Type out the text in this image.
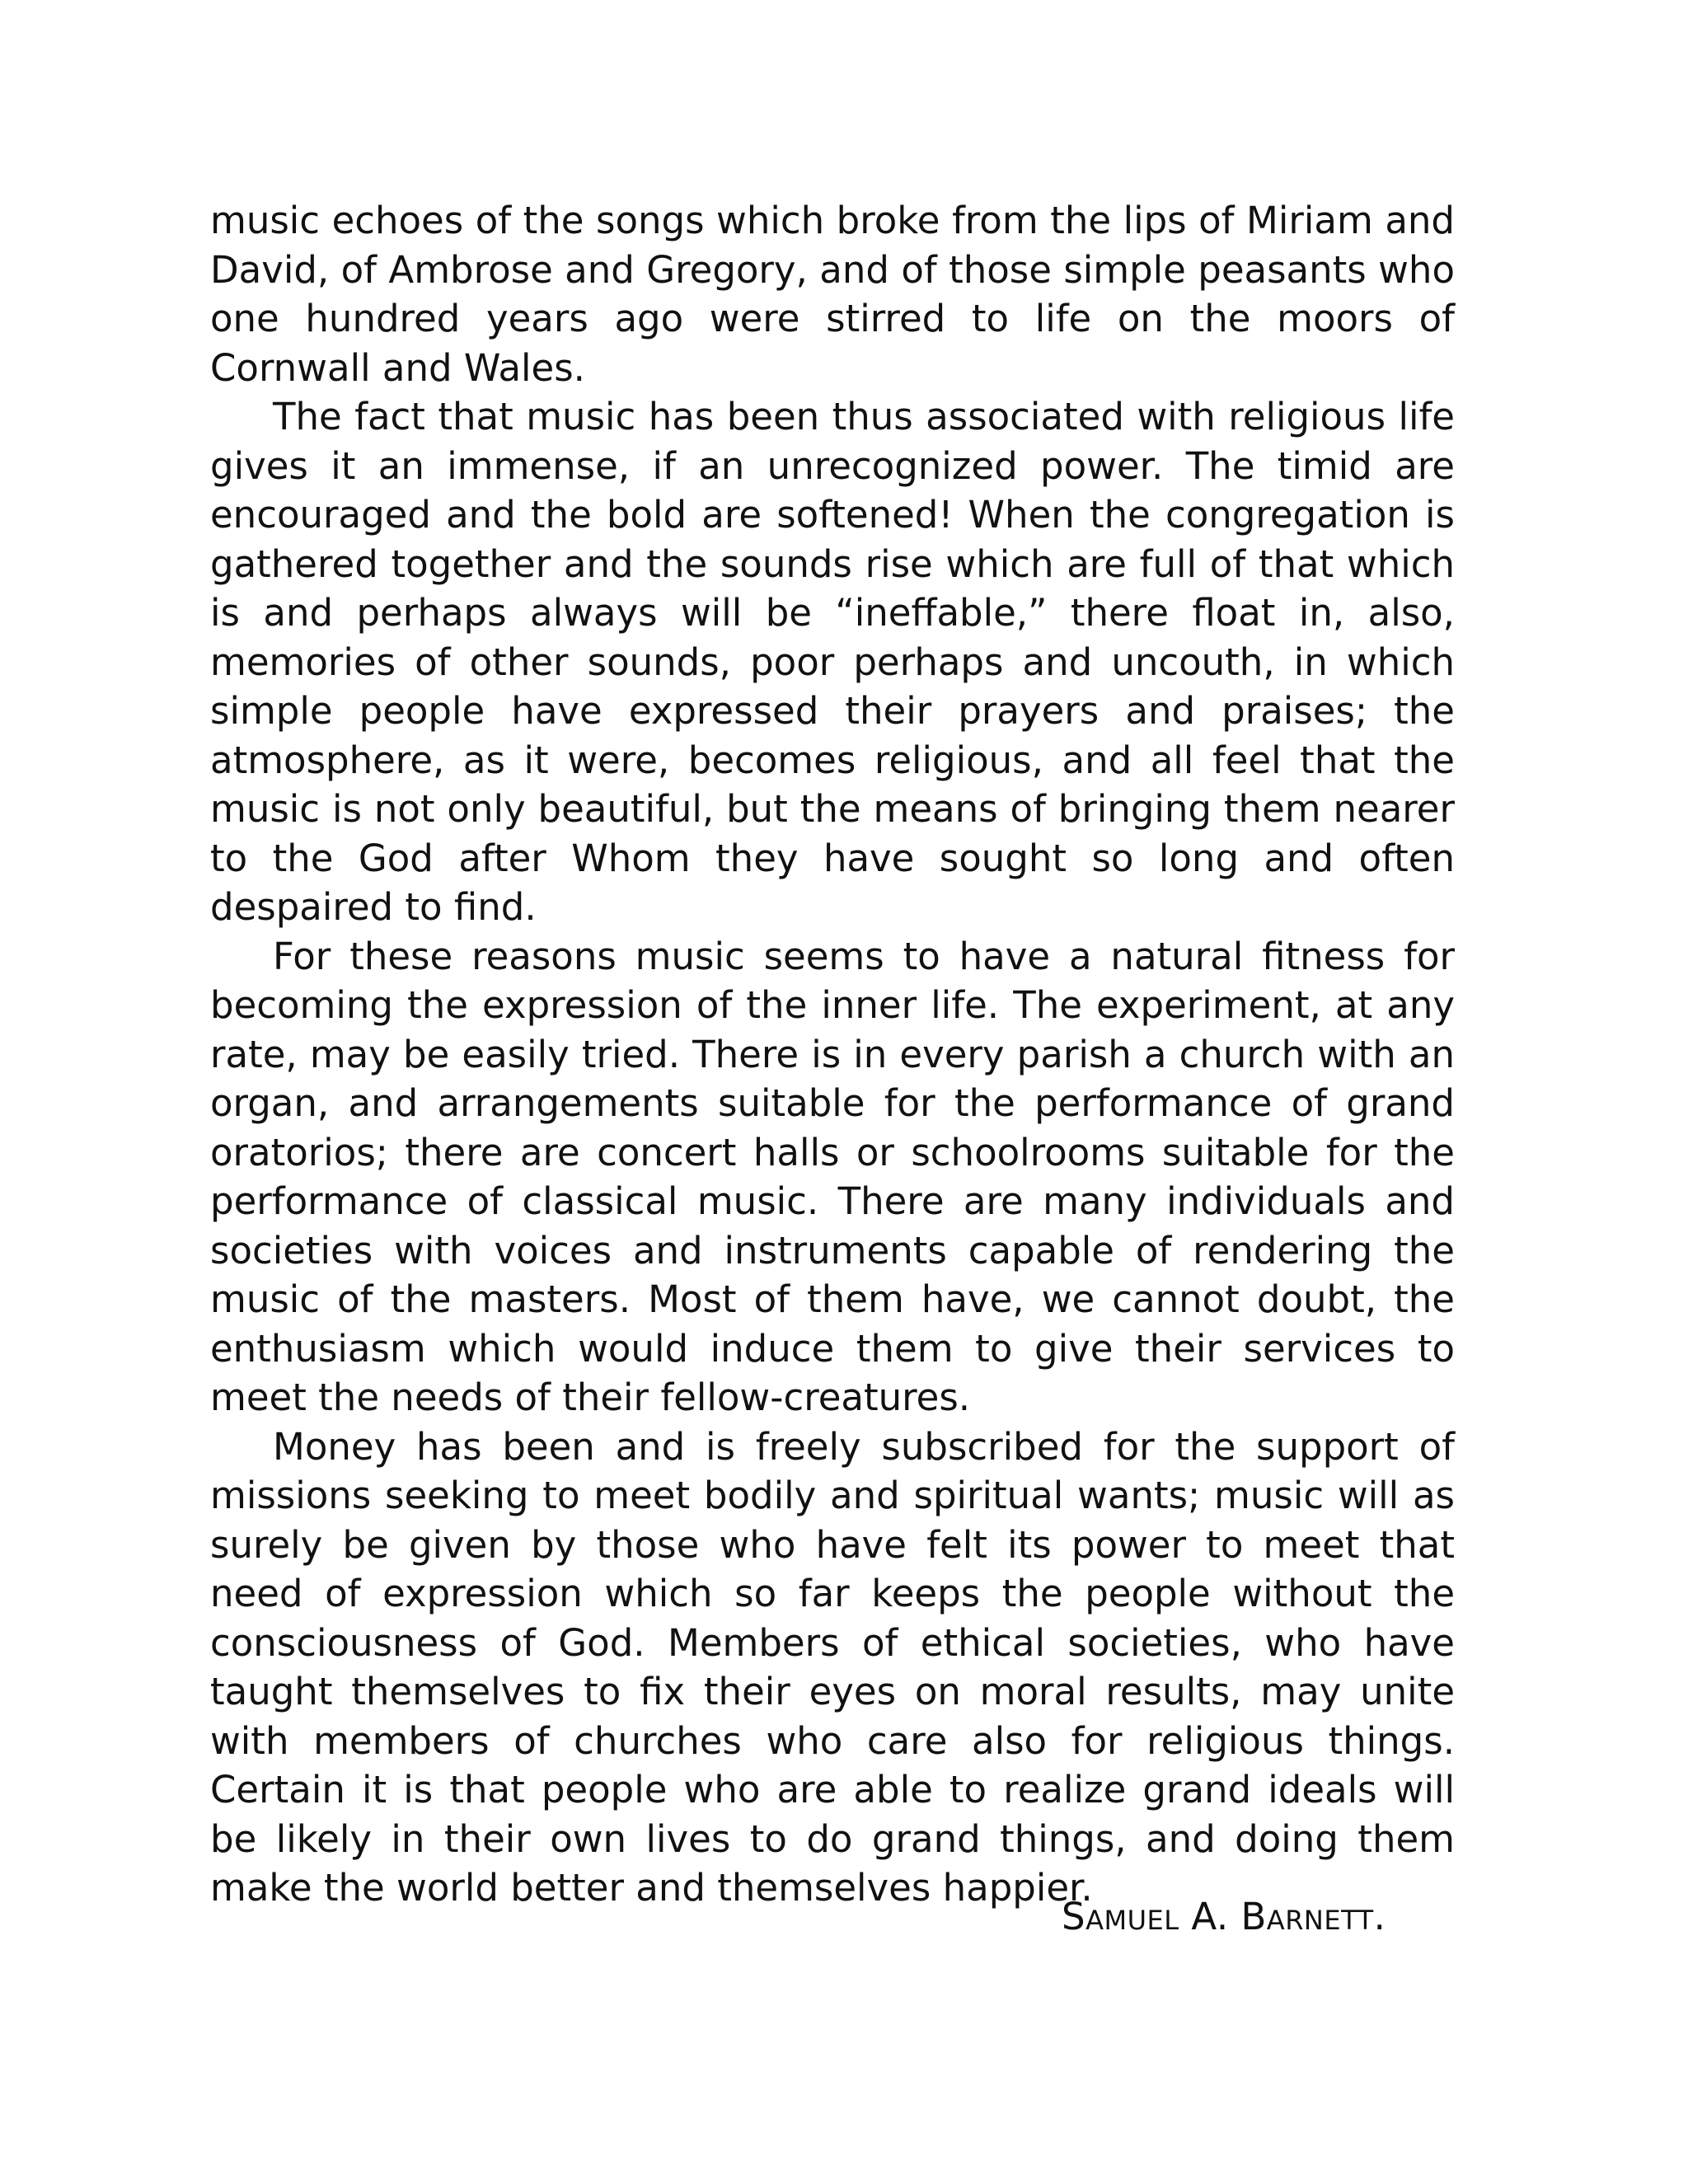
music echoes of the songs which broke from the lips of Miriam and David, of Ambrose and Gregory, and of those simple peasants who one hundred years ago were stirred to life on the moors of Cornwall and Wales.

The fact that music has been thus associated with religious life gives it an immense, if an unrecognized power. The timid are encouraged and the bold are softened! When the congregation is gathered together and the sounds rise which are full of that which is and perhaps always will be “ineffable,” there float in, also, memories of other sounds, poor perhaps and uncouth, in which simple people have expressed their prayers and praises; the atmosphere, as it were, becomes religious, and all feel that the music is not only beautiful, but the means of bringing them nearer to the God after Whom they have sought so long and often despaired to find.

For these reasons music seems to have a natural fitness for becoming the expression of the inner life. The experiment, at any rate, may be easily tried. There is in every parish a church with an organ, and arrangements suitable for the performance of grand oratorios; there are concert halls or schoolrooms suitable for the performance of classical music. There are many individuals and societies with voices and instruments capable of rendering the music of the masters. Most of them have, we cannot doubt, the enthusiasm which would induce them to give their services to meet the needs of their fellow-creatures.

Money has been and is freely subscribed for the support of missions seeking to meet bodily and spiritual wants; music will as surely be given by those who have felt its power to meet that need of expression which so far keeps the people without the consciousness of God. Members of ethical societies, who have taught themselves to fix their eyes on moral results, may unite with members of churches who care also for religious things. Certain it is that people who are able to realize grand ideals will be likely in their own lives to do grand things, and doing them make the world better and themselves happier.

Samuel A. Barnett.
